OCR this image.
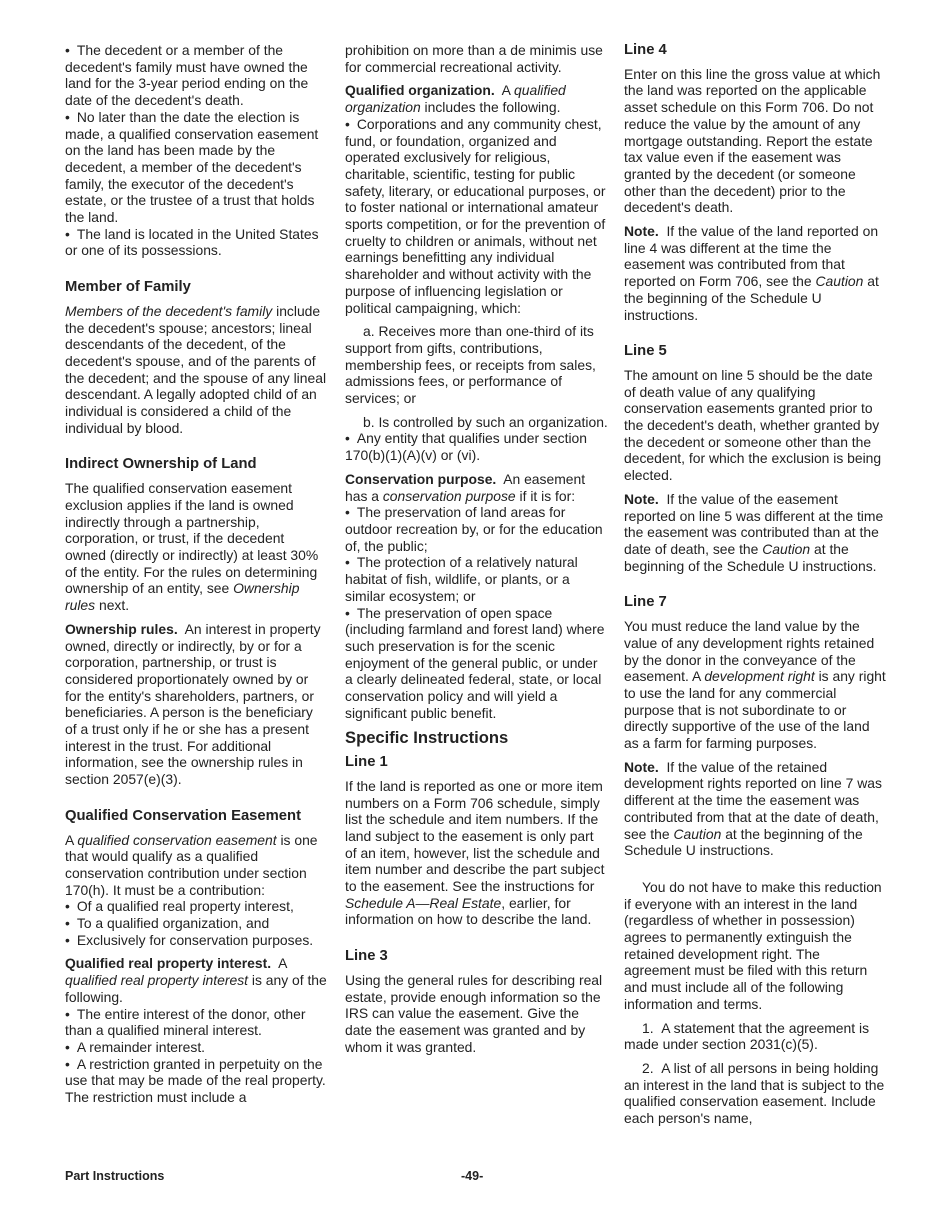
• The decedent or a member of the decedent's family must have owned the land for the 3-year period ending on the date of the decedent's death.

• No later than the date the election is made, a qualified conservation easement on the land has been made by the decedent, a member of the decedent's family, the executor of the decedent's estate, or the trustee of a trust that holds the land.

• The land is located in the United States or one of its possessions.

Member of Family

Members of the decedent's family include the decedent's spouse; ancestors; lineal descendants of the decedent, of the decedent's spouse, and of the parents of the decedent; and the spouse of any lineal descendant. A legally adopted child of an individual is considered a child of the individual by blood.

Indirect Ownership of Land

The qualified conservation easement exclusion applies if the land is owned indirectly through a partnership, corporation, or trust, if the decedent owned (directly or indirectly) at least 30% of the entity. For the rules on determining ownership of an entity, see Ownership rules next.

Ownership rules. An interest in property owned, directly or indirectly, by or for a corporation, partnership, or trust is considered proportionately owned by or for the entity's shareholders, partners, or beneficiaries. A person is the beneficiary of a trust only if he or she has a present interest in the trust. For additional information, see the ownership rules in section 2057(e)(3).

Qualified Conservation Easement

A qualified conservation easement is one that would qualify as a qualified conservation contribution under section 170(h). It must be a contribution:

• Of a qualified real property interest,

• To a qualified organization, and

• Exclusively for conservation purposes.

Qualified real property interest. A qualified real property interest is any of the following.

• The entire interest of the donor, other than a qualified mineral interest.

• A remainder interest.

• A restriction granted in perpetuity on the use that may be made of the real property. The restriction must include a

prohibition on more than a de minimis use for commercial recreational activity.

Qualified organization. A qualified organization includes the following.

• Corporations and any community chest, fund, or foundation, organized and operated exclusively for religious, charitable, scientific, testing for public safety, literary, or educational purposes, or to foster national or international amateur sports competition, or for the prevention of cruelty to children or animals, without net earnings benefitting any individual shareholder and without activity with the purpose of influencing legislation or political campaigning, which:

a. Receives more than one-third of its support from gifts, contributions, membership fees, or receipts from sales, admissions fees, or performance of services; or

b. Is controlled by such an organization.

• Any entity that qualifies under section 170(b)(1)(A)(v) or (vi).

Conservation purpose. An easement has a conservation purpose if it is for:

• The preservation of land areas for outdoor recreation by, or for the education of, the public;

• The protection of a relatively natural habitat of fish, wildlife, or plants, or a similar ecosystem; or

• The preservation of open space (including farmland and forest land) where such preservation is for the scenic enjoyment of the general public, or under a clearly delineated federal, state, or local conservation policy and will yield a significant public benefit.

Specific Instructions
Line 1

If the land is reported as one or more item numbers on a Form 706 schedule, simply list the schedule and item numbers. If the land subject to the easement is only part of an item, however, list the schedule and item number and describe the part subject to the easement. See the instructions for Schedule A—Real Estate, earlier, for information on how to describe the land.

Line 3

Using the general rules for describing real estate, provide enough information so the IRS can value the easement. Give the date the easement was granted and by whom it was granted.

Line 4

Enter on this line the gross value at which the land was reported on the applicable asset schedule on this Form 706. Do not reduce the value by the amount of any mortgage outstanding. Report the estate tax value even if the easement was granted by the decedent (or someone other than the decedent) prior to the decedent's death.

Note. If the value of the land reported on line 4 was different at the time the easement was contributed from that reported on Form 706, see the Caution at the beginning of the Schedule U instructions.

Line 5

The amount on line 5 should be the date of death value of any qualifying conservation easements granted prior to the decedent's death, whether granted by the decedent or someone other than the decedent, for which the exclusion is being elected.

Note. If the value of the easement reported on line 5 was different at the time the easement was contributed than at the date of death, see the Caution at the beginning of the Schedule U instructions.

Line 7

You must reduce the land value by the value of any development rights retained by the donor in the conveyance of the easement. A development right is any right to use the land for any commercial purpose that is not subordinate to or directly supportive of the use of the land as a farm for farming purposes.

Note. If the value of the retained development rights reported on line 7 was different at the time the easement was contributed from that at the date of death, see the Caution at the beginning of the Schedule U instructions.

You do not have to make this reduction if everyone with an interest in the land (regardless of whether in possession) agrees to permanently extinguish the retained development right. The agreement must be filed with this return and must include all of the following information and terms.

1.  A statement that the agreement is made under section 2031(c)(5).

2.  A list of all persons in being holding an interest in the land that is subject to the qualified conservation easement. Include each person's name,

Part Instructions	-49-
